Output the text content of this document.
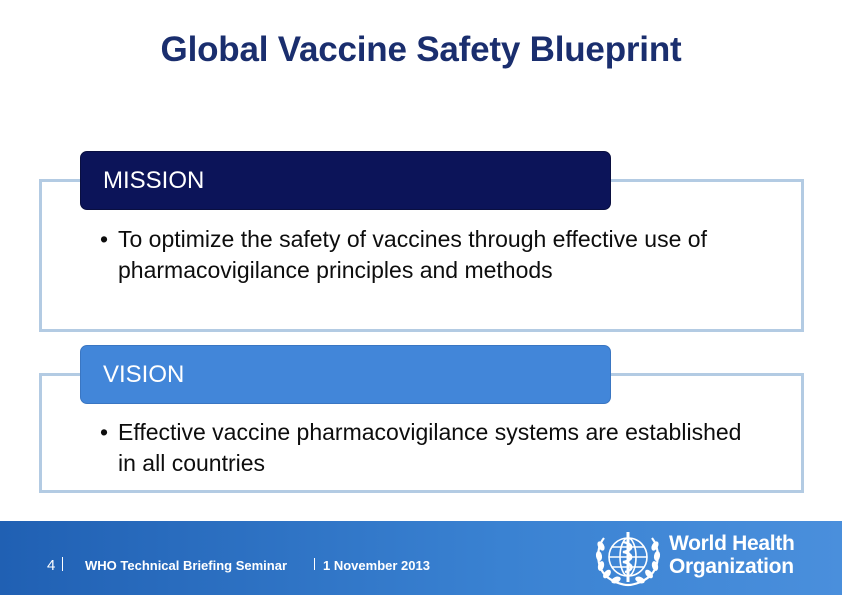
Global Vaccine Safety Blueprint
MISSION
• To optimize the safety of vaccines through effective use of pharmacovigilance principles and methods
VISION
• Effective vaccine pharmacovigilance systems are established in all countries
4 WHO Technical Briefing Seminar	1 November 2013
World Health
Organization
